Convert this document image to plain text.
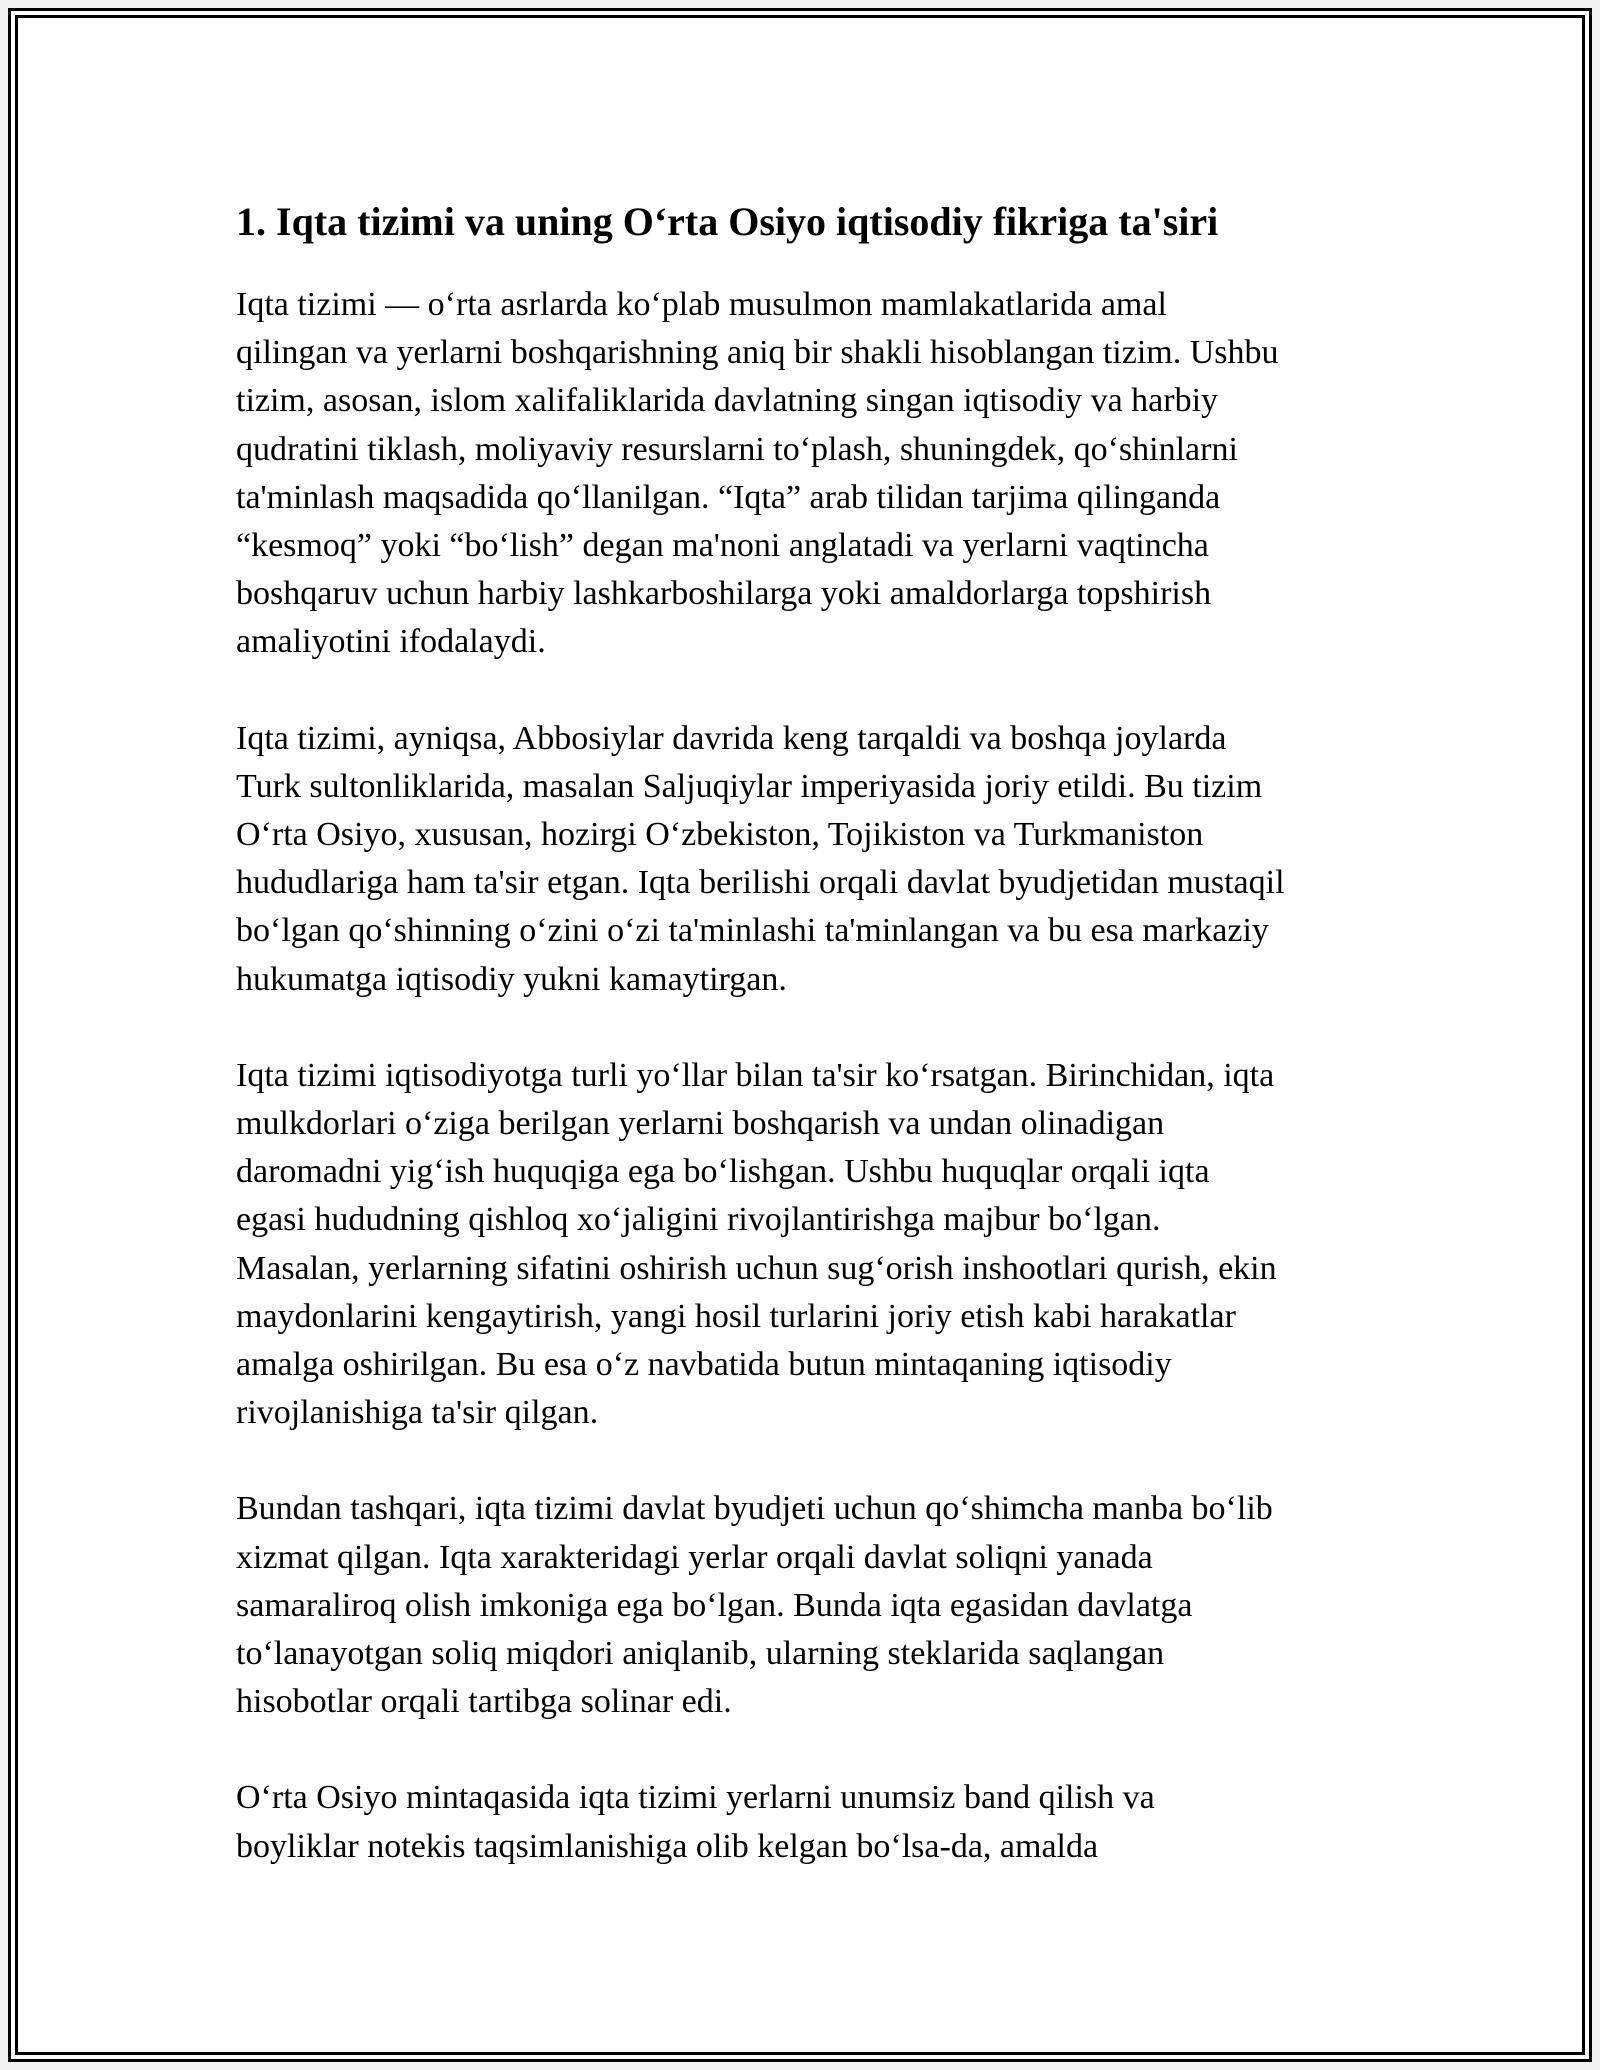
1. Iqta tizimi va uning O‘rta Osiyo iqtisodiy fikriga ta'siri

Iqta tizimi — o‘rta asrlarda ko‘plab musulmon mamlakatlarida amal
qilingan va yerlarni boshqarishning aniq bir shakli hisoblangan tizim. Ushbu
tizim, asosan, islom xalifaliklarida davlatning singan iqtisodiy va harbiy
qudratini tiklash, moliyaviy resurslarni to‘plash, shuningdek, qo‘shinlarni
ta'minlash maqsadida qo‘llanilgan. “Iqta” arab tilidan tarjima qilinganda
“kesmoq” yoki “bo‘lish” degan ma'noni anglatadi va yerlarni vaqtincha
boshqaruv uchun harbiy lashkarboshilarga yoki amaldorlarga topshirish
amaliyotini ifodalaydi.

Iqta tizimi, ayniqsa, Abbosiylar davrida keng tarqaldi va boshqa joylarda
Turk sultonliklarida, masalan Saljuqiylar imperiyasida joriy etildi. Bu tizim
O‘rta Osiyo, xususan, hozirgi O‘zbekiston, Tojikiston va Turkmaniston
hududlariga ham ta'sir etgan. Iqta berilishi orqali davlat byudjetidan mustaqil
bo‘lgan qo‘shinning o‘zini o‘zi ta'minlashi ta'minlangan va bu esa markaziy
hukumatga iqtisodiy yukni kamaytirgan.

Iqta tizimi iqtisodiyotga turli yo‘llar bilan ta'sir ko‘rsatgan. Birinchidan, iqta
mulkdorlari o‘ziga berilgan yerlarni boshqarish va undan olinadigan
daromadni yig‘ish huquqiga ega bo‘lishgan. Ushbu huquqlar orqali iqta
egasi hududning qishloq xo‘jaligini rivojlantirishga majbur bo‘lgan.
Masalan, yerlarning sifatini oshirish uchun sug‘orish inshootlari qurish, ekin
maydonlarini kengaytirish, yangi hosil turlarini joriy etish kabi harakatlar
amalga oshirilgan. Bu esa o‘z navbatida butun mintaqaning iqtisodiy
rivojlanishiga ta'sir qilgan.

Bundan tashqari, iqta tizimi davlat byudjeti uchun qo‘shimcha manba bo‘lib
xizmat qilgan. Iqta xarakteridagi yerlar orqali davlat soliqni yanada
samaraliroq olish imkoniga ega bo‘lgan. Bunda iqta egasidan davlatga
to‘lanayotgan soliq miqdori aniqlanib, ularning steklarida saqlangan
hisobotlar orqali tartibga solinar edi.

O‘rta Osiyo mintaqasida iqta tizimi yerlarni unumsiz band qilish va
boyliklar notekis taqsimlanishiga olib kelgan bo‘lsa-da, amalda
